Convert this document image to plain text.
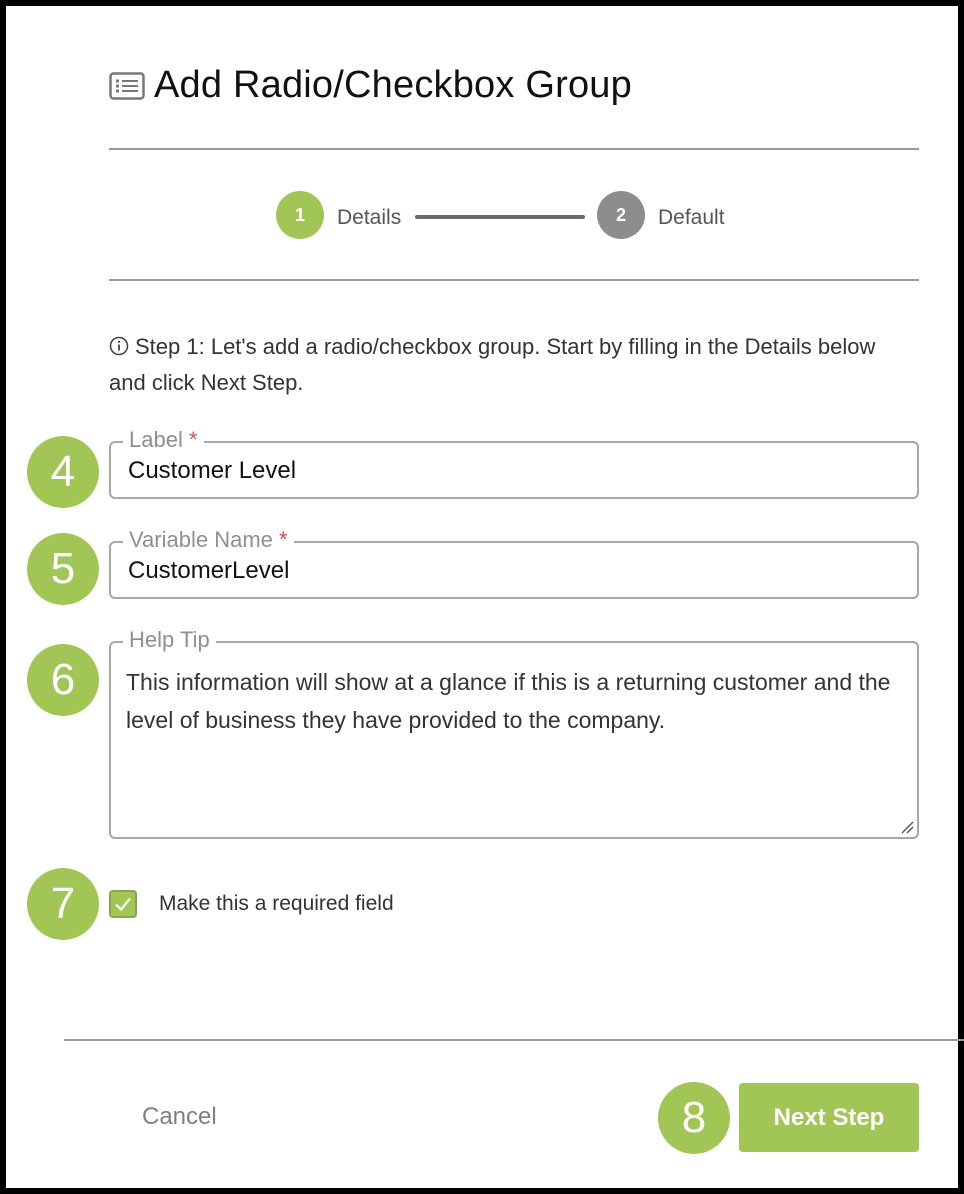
Add Radio/Checkbox Group
1	Details	2	Default
Step 1: Let's add a radio/checkbox group. Start by filling in the Details below and click Next Step.
4
Label *
Customer Level
5
Variable Name *
CustomerLevel
6
Help Tip
This information will show at a glance if this is a returning customer and the level of business they have provided to the company.
7	Make this a required field
Cancel	8	Next Step
